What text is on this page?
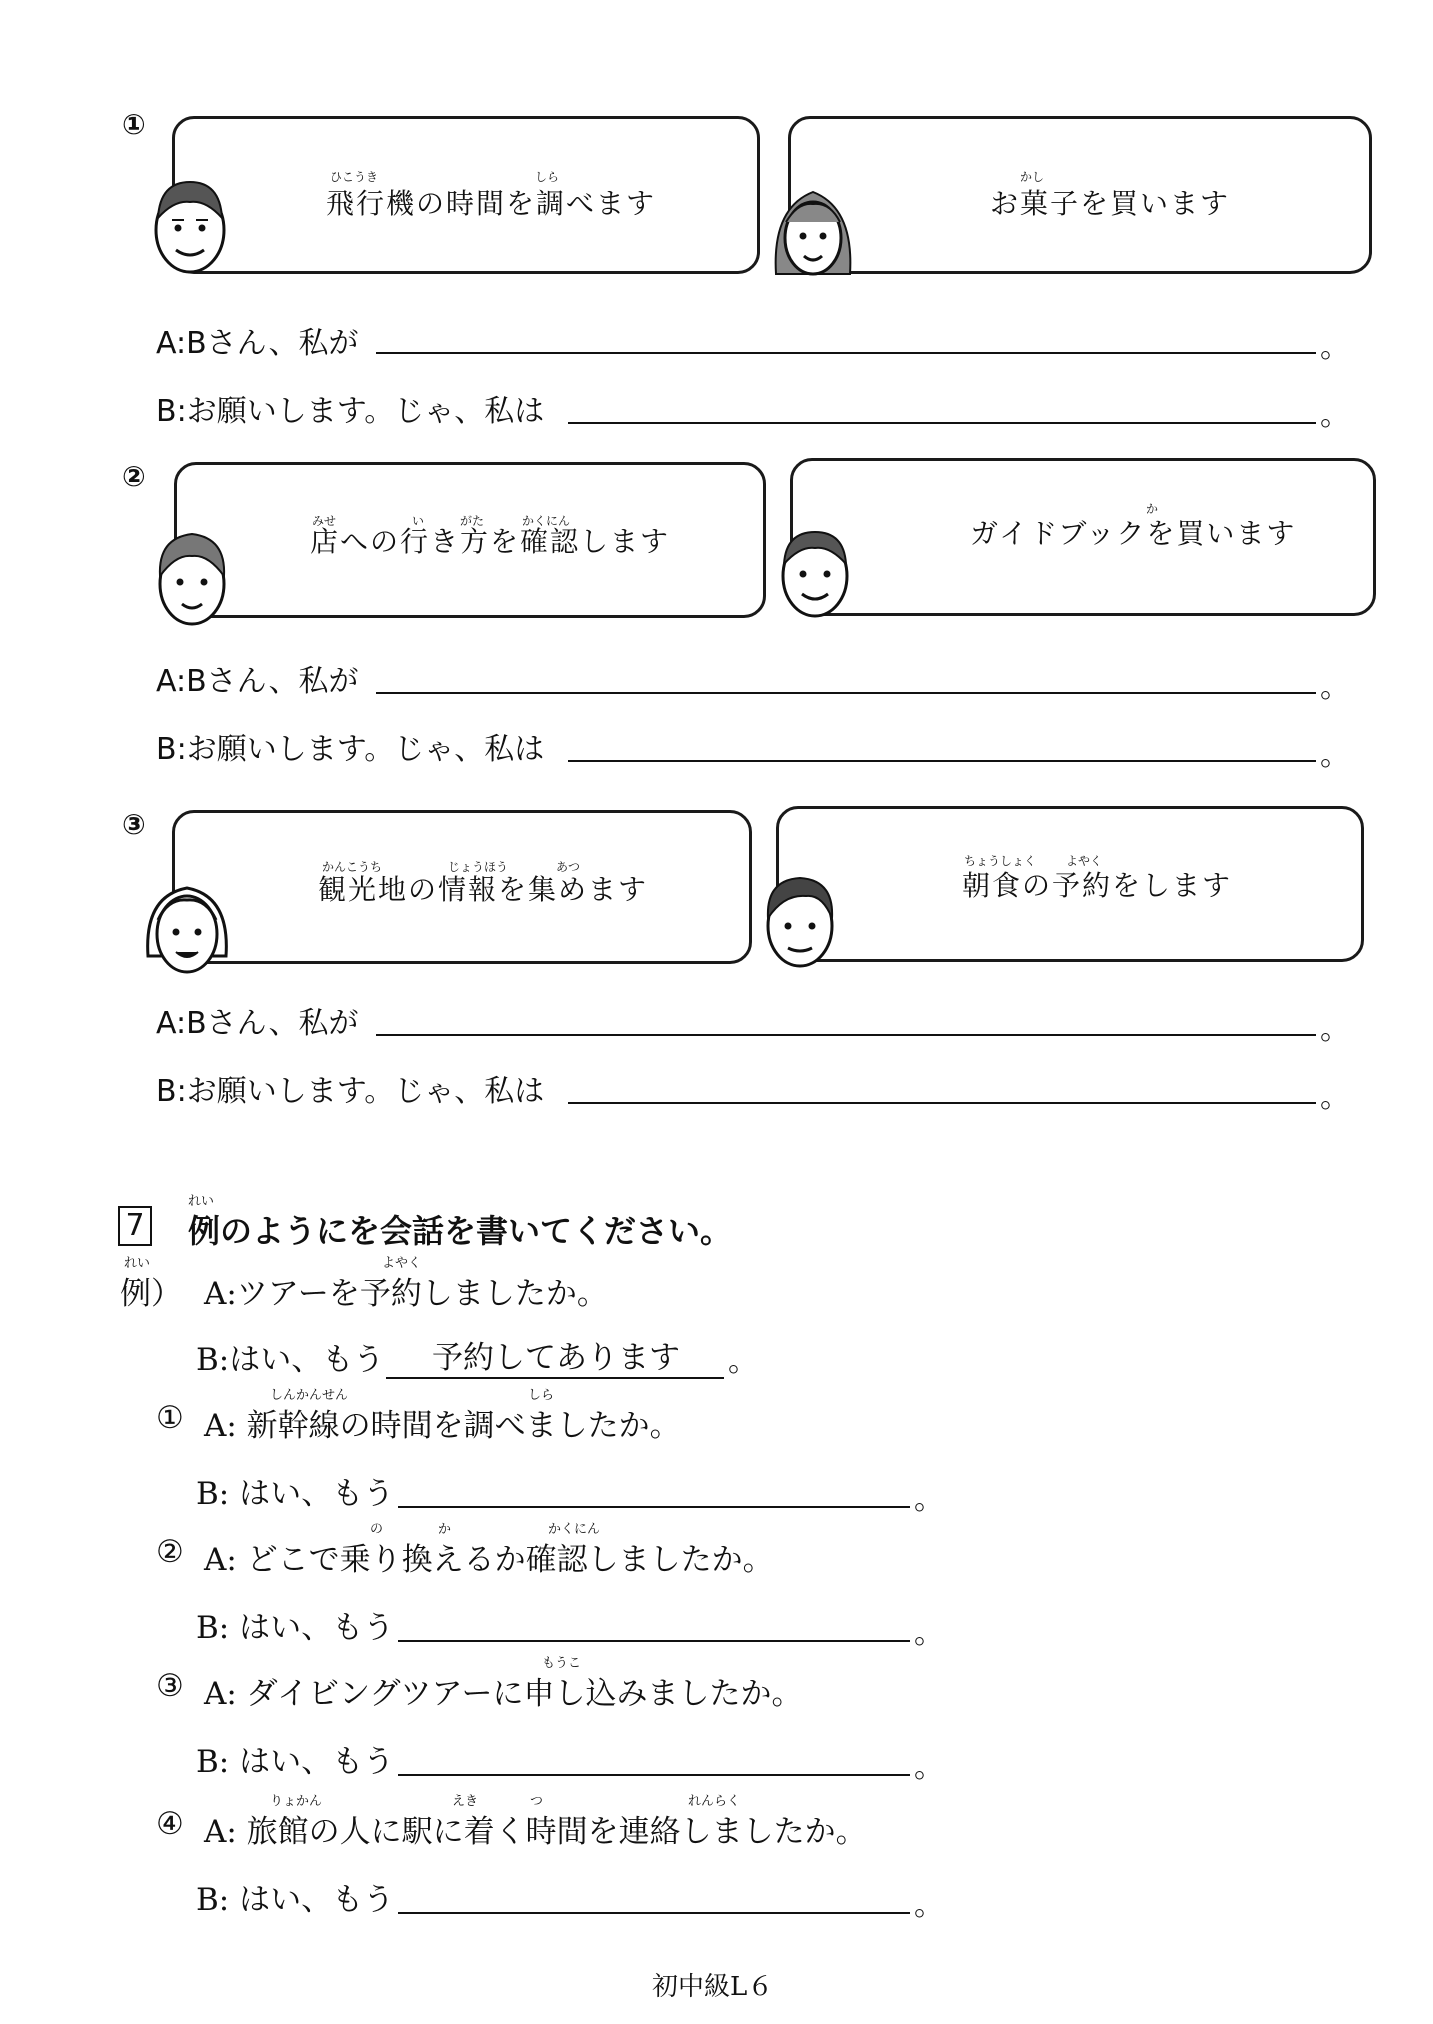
①
ひこうき	しら
飛行機の時間を調べます
かし
お菓子を買います
A:Bさん、私が	。
B:お願いします。じゃ、私は	。
②
みせ	い	がた	かくにん
店への行き方を確認します
か
ガイドブックを買います
A:Bさん、私が	。
B:お願いします。じゃ、私は	。
③
かんこうち	じょうほう	あつ
観光地の情報を集めます
ちょうしょく よやく
朝食の予約をします
A:Bさん、私が	。
B:お願いします。じゃ、私は	。
7
れい
例のようにを会話を書いてください。
れい
例）
よやく
A:ツアーを予約しましたか。
B:はい、もう	予約してあります	。
①
しんかんせん	しら
A: 新幹線の時間を調べましたか。
B: はい、もう	。
②
の	か	かくにん
A: どこで乗り換えるか確認しましたか。
B: はい、もう	。
③
もうこ
A: ダイビングツアーに申し込みましたか。
B: はい、もう	。
④
りょかん	えき	つ	れんらく
A: 旅館の人に駅に着く時間を連絡しましたか。
B: はい、もう	。
初中級L６
